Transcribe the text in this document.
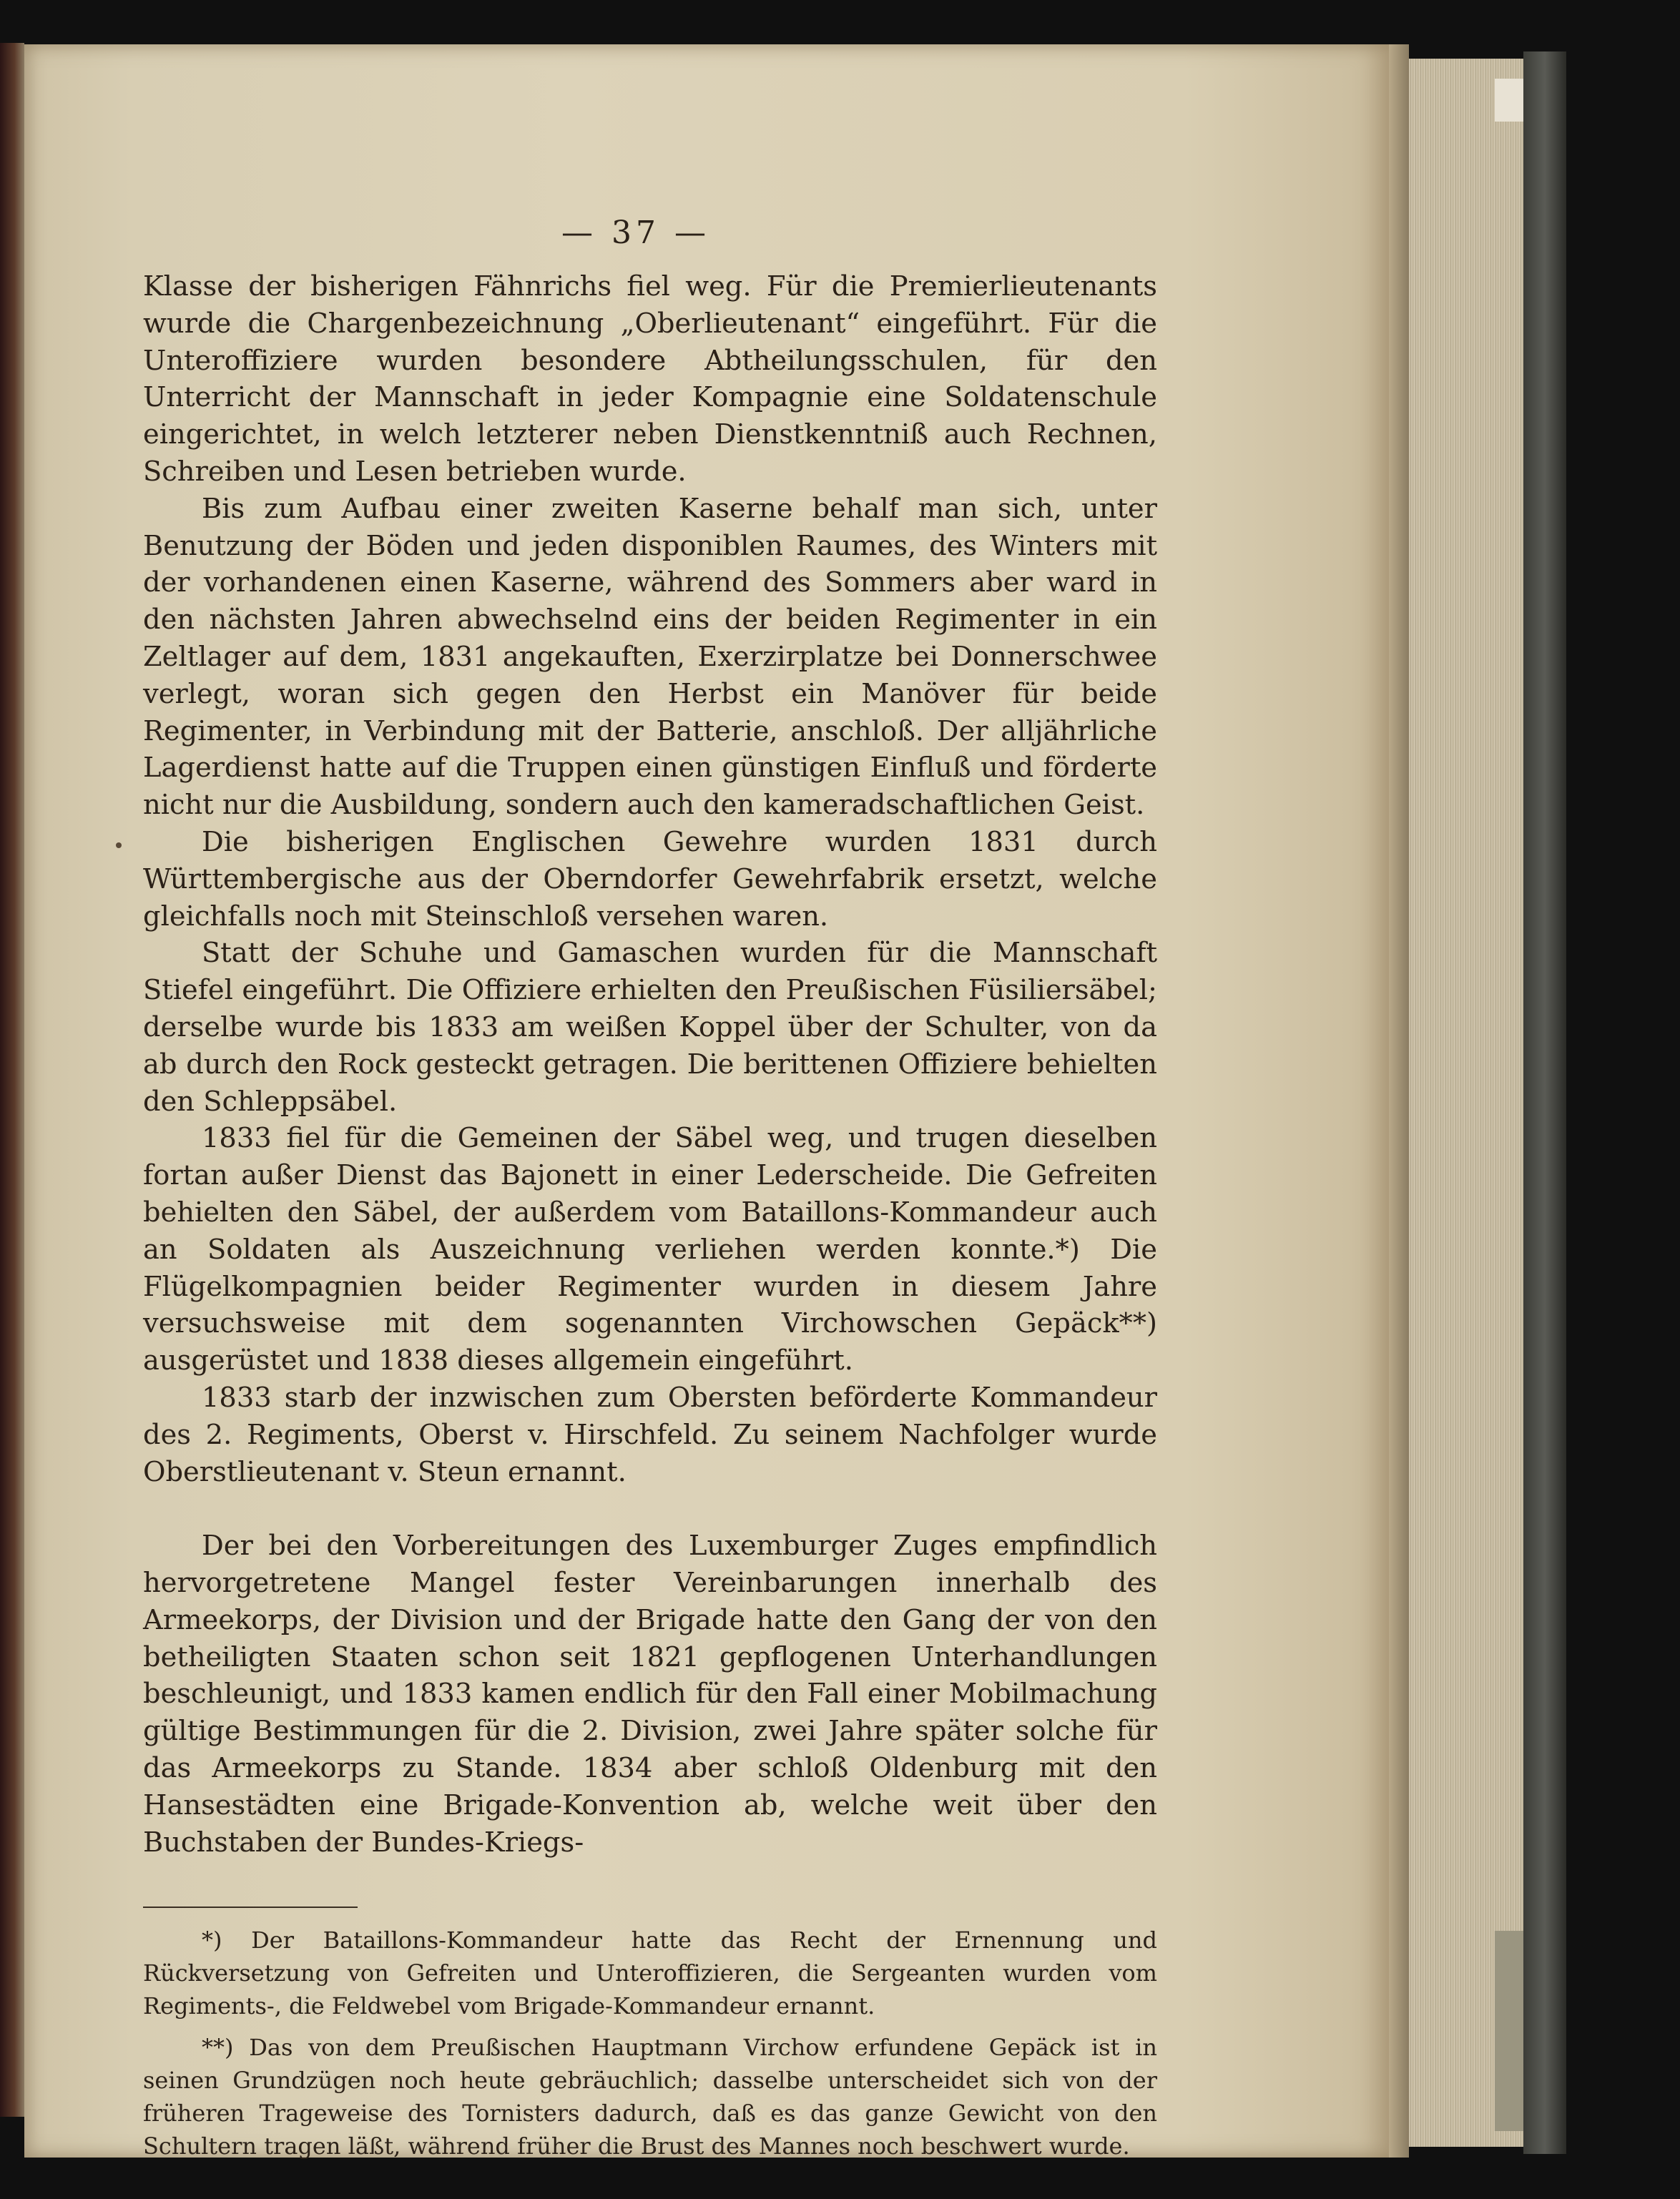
— 37 —

Klasse der bisherigen Fähnrichs fiel weg. Für die Premierlieutenants wurde die Chargenbezeichnung „Oberlieutenant“ eingeführt. Für die Unteroffiziere wurden besondere Abtheilungsschulen, für den Unterricht der Mannschaft in jeder Kompagnie eine Soldatenschule eingerichtet, in welch letzterer neben Dienstkenntniß auch Rechnen, Schreiben und Lesen betrieben wurde.

Bis zum Aufbau einer zweiten Kaserne behalf man sich, unter Benutzung der Böden und jeden disponiblen Raumes, des Winters mit der vorhandenen einen Kaserne, während des Sommers aber ward in den nächsten Jahren abwechselnd eins der beiden Regimenter in ein Zeltlager auf dem, 1831 angekauften, Exerzirplatze bei Donnerschwee verlegt, woran sich gegen den Herbst ein Manöver für beide Regimenter, in Verbindung mit der Batterie, anschloß. Der alljährliche Lagerdienst hatte auf die Truppen einen günstigen Einfluß und förderte nicht nur die Ausbildung, sondern auch den kameradschaftlichen Geist.

Die bisherigen Englischen Gewehre wurden 1831 durch Württembergische aus der Oberndorfer Gewehrfabrik ersetzt, welche gleichfalls noch mit Steinschloß versehen waren.

Statt der Schuhe und Gamaschen wurden für die Mannschaft Stiefel eingeführt. Die Offiziere erhielten den Preußischen Füsiliersäbel; derselbe wurde bis 1833 am weißen Koppel über der Schulter, von da ab durch den Rock gesteckt getragen. Die berittenen Offiziere behielten den Schleppsäbel.

1833 fiel für die Gemeinen der Säbel weg, und trugen dieselben fortan außer Dienst das Bajonett in einer Lederscheide. Die Gefreiten behielten den Säbel, der außerdem vom Bataillons-Kommandeur auch an Soldaten als Auszeichnung verliehen werden konnte.*) Die Flügelkompagnien beider Regimenter wurden in diesem Jahre versuchsweise mit dem sogenannten Virchowschen Gepäck**) ausgerüstet und 1838 dieses allgemein eingeführt.

1833 starb der inzwischen zum Obersten beförderte Kommandeur des 2. Regiments, Oberst v. Hirschfeld. Zu seinem Nachfolger wurde Oberstlieutenant v. Steun ernannt.

Der bei den Vorbereitungen des Luxemburger Zuges empfindlich hervorgetretene Mangel fester Vereinbarungen innerhalb des Armeekorps, der Division und der Brigade hatte den Gang der von den betheiligten Staaten schon seit 1821 gepflogenen Unterhandlungen beschleunigt, und 1833 kamen endlich für den Fall einer Mobilmachung gültige Bestimmungen für die 2. Division, zwei Jahre später solche für das Armeekorps zu Stande. 1834 aber schloß Oldenburg mit den Hansestädten eine Brigade-Konvention ab, welche weit über den Buchstaben der Bundes-Kriegs-

*) Der Bataillons-Kommandeur hatte das Recht der Ernennung und Rückversetzung von Gefreiten und Unteroffizieren, die Sergeanten wurden vom Regiments-, die Feldwebel vom Brigade-Kommandeur ernannt.

**) Das von dem Preußischen Hauptmann Virchow erfundene Gepäck ist in seinen Grundzügen noch heute gebräuchlich; dasselbe unterscheidet sich von der früheren Trageweise des Tornisters dadurch, daß es das ganze Gewicht von den Schultern tragen läßt, während früher die Brust des Mannes noch beschwert wurde.
